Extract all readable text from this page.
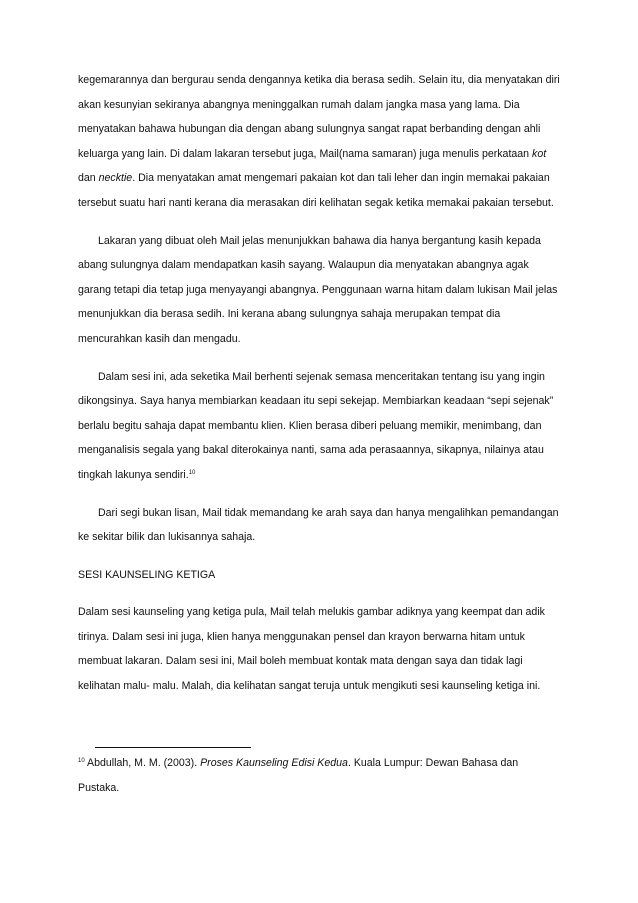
kegemarannya dan bergurau senda dengannya ketika dia berasa sedih. Selain itu, dia menyatakan diri akan kesunyian sekiranya abangnya meninggalkan rumah dalam jangka masa yang lama. Dia menyatakan bahawa hubungan dia dengan abang sulungnya sangat rapat berbanding dengan ahli keluarga yang lain. Di dalam lakaran tersebut juga, Mail(nama samaran) juga menulis perkataan kot dan necktie. Dia menyatakan amat mengemari pakaian kot dan tali leher dan ingin memakai pakaian tersebut suatu hari nanti kerana dia merasakan diri kelihatan segak ketika memakai pakaian tersebut.

Lakaran yang dibuat oleh Mail jelas menunjukkan bahawa dia hanya bergantung kasih kepada abang sulungnya dalam mendapatkan kasih sayang. Walaupun dia menyatakan abangnya agak garang tetapi dia tetap juga menyayangi abangnya. Penggunaan warna hitam dalam lukisan Mail jelas menunjukkan dia berasa sedih. Ini kerana abang sulungnya sahaja merupakan tempat dia mencurahkan kasih dan mengadu.

Dalam sesi ini, ada seketika Mail berhenti sejenak semasa menceritakan tentang isu yang ingin dikongsinya. Saya hanya membiarkan keadaan itu sepi sekejap. Membiarkan keadaan “sepi sejenak” berlalu begitu sahaja dapat membantu klien. Klien berasa diberi peluang memikir, menimbang, dan menganalisis segala yang bakal diterokainya nanti, sama ada perasaannya, sikapnya, nilainya atau tingkah lakunya sendiri.$^{10}$

Dari segi bukan lisan, Mail tidak memandang ke arah saya dan hanya mengalihkan pemandangan ke sekitar bilik dan lukisannya sahaja.

SESI KAUNSELING KETIGA

Dalam sesi kaunseling yang ketiga pula, Mail telah melukis gambar adiknya yang keempat dan adik tirinya. Dalam sesi ini juga, klien hanya menggunakan pensel dan krayon berwarna hitam untuk membuat lakaran. Dalam sesi ini, Mail boleh membuat kontak mata dengan saya dan tidak lagi kelihatan malu- malu. Malah, dia kelihatan sangat teruja untuk mengikuti sesi kaunseling ketiga ini.

$^{10}$ Abdullah, M. M. (2003). Proses Kaunseling Edisi Kedua. Kuala Lumpur: Dewan Bahasa dan Pustaka.
